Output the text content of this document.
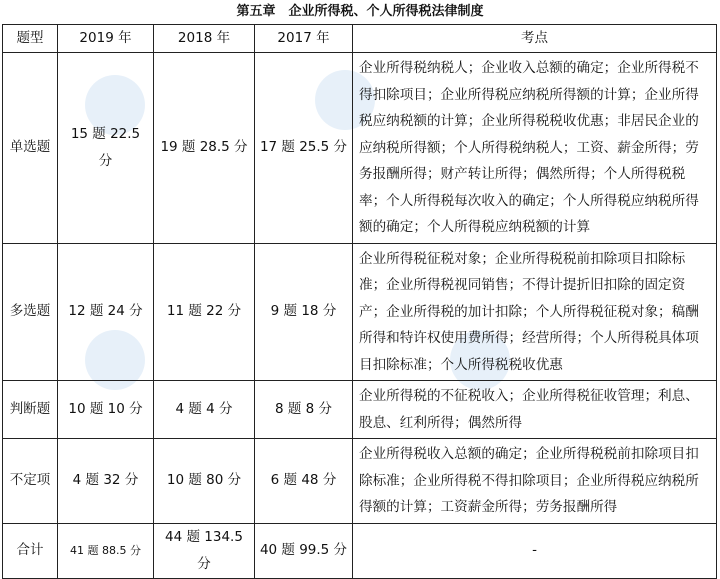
第五章　企业所得税、个人所得税法律制度
题型	2019 年	2018 年	2017 年	考点
单选题	15 题 22.5 分	19 题 28.5 分	17 题 25.5 分	企业所得税纳税人；企业收入总额的确定；企业所得税不得扣除项目；企业所得税应纳税所得额的计算；企业所得税应纳税额的计算；企业所得税税收优惠；非居民企业的应纳税所得额；个人所得税纳税人；工资、薪金所得；劳务报酬所得；财产转让所得；偶然所得；个人所得税税率；个人所得税每次收入的确定；个人所得税应纳税所得额的确定；个人所得税应纳税额的计算
多选题	12 题 24 分	11 题 22 分	9 题 18 分	企业所得税征税对象；企业所得税税前扣除项目扣除标准；企业所得税视同销售；不得计提折旧扣除的固定资产；企业所得税的加计扣除；个人所得税征税对象；稿酬所得和特许权使用费所得；经营所得；个人所得税具体项目扣除标准；个人所得税税收优惠
判断题	10 题 10 分	4 题 4 分	8 题 8 分	企业所得税的不征税收入；企业所得税征收管理；利息、股息、红利所得；偶然所得
不定项	4 题 32 分	10 题 80 分	6 题 48 分	企业所得税收入总额的确定；企业所得税税前扣除项目扣除标准；企业所得税不得扣除项目；企业所得税应纳税所得额的计算；工资薪金所得；劳务报酬所得
合计	41 题 88.5 分	44 题 134.5 分	40 题 99.5 分	-
